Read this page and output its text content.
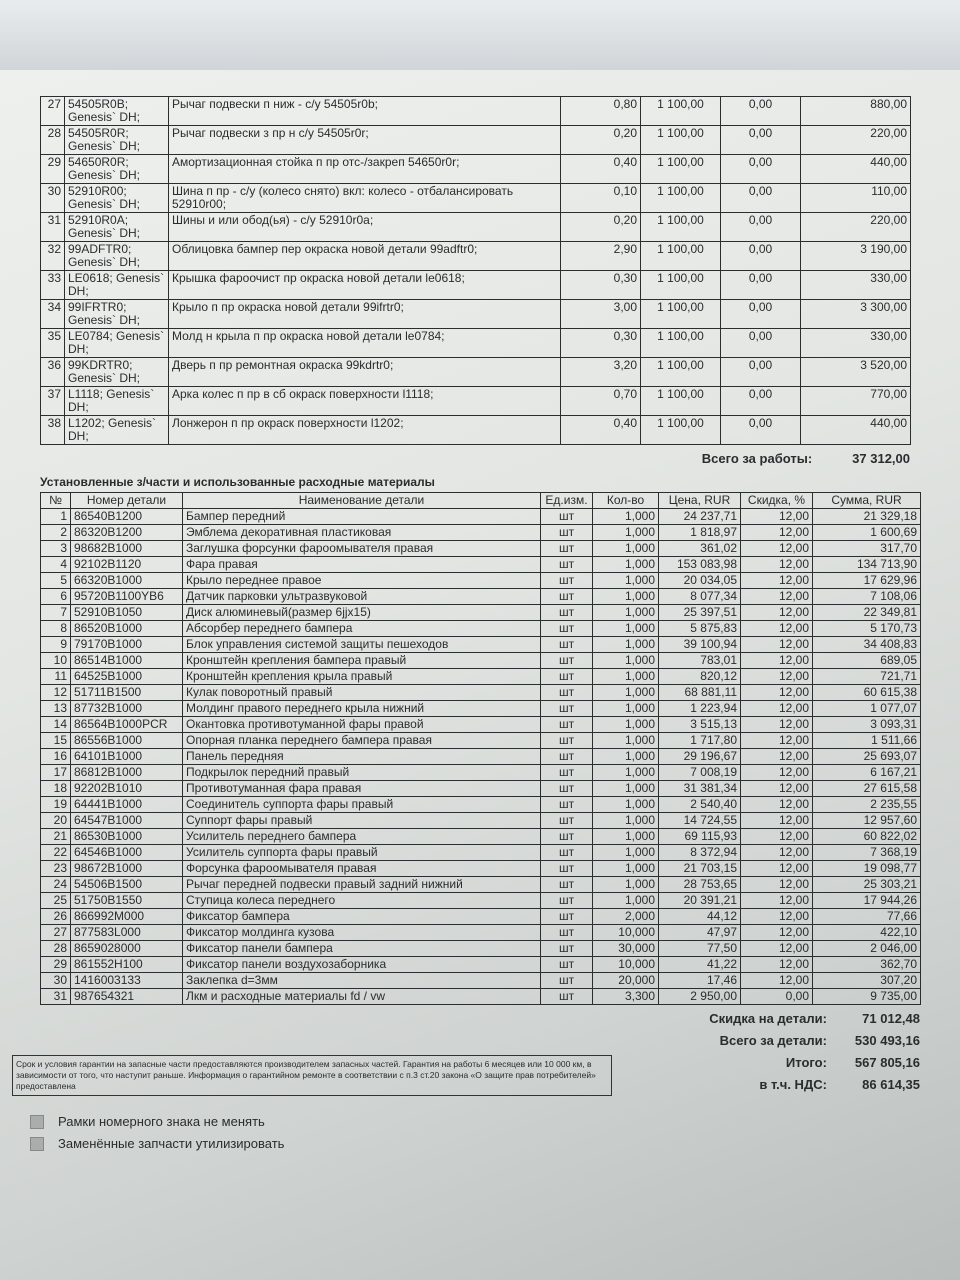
27	54505R0B; Genesis` DH;	Рычаг подвески п ниж - с/у 54505r0b;	0,80	1 100,00	0,00	880,00
28	54505R0R; Genesis` DH;	Рычаг подвески з пр н с/у 54505r0r;	0,20	1 100,00	0,00	220,00
29	54650R0R; Genesis` DH;	Амортизационная стойка п пр отс-/закреп 54650r0r;	0,40	1 100,00	0,00	440,00
30	52910R00; Genesis` DH;	Шина п пр - с/у (колесо снято) вкл: колесо - отбалансировать 52910r00;	0,10	1 100,00	0,00	110,00
31	52910R0A; Genesis` DH;	Шины и или обод(ья) - с/у 52910r0a;	0,20	1 100,00	0,00	220,00
32	99ADFTR0; Genesis` DH;	Облицовка бампер пер окраска новой детали 99adftr0;	2,90	1 100,00	0,00	3 190,00
33	LE0618; Genesis` DH;	Крышка фароочист пр окраска новой детали le0618;	0,30	1 100,00	0,00	330,00
34	99IFRTR0; Genesis` DH;	Крыло п пр окраска новой детали 99ifrtr0;	3,00	1 100,00	0,00	3 300,00
35	LE0784; Genesis` DH;	Молд н крыла п пр окраска новой детали le0784;	0,30	1 100,00	0,00	330,00
36	99KDRTR0; Genesis` DH;	Дверь п пр ремонтная окраска 99kdrtr0;	3,20	1 100,00	0,00	3 520,00
37	L1118; Genesis` DH;	Арка колес п пр в сб окраск поверхности l1118;	0,70	1 100,00	0,00	770,00
38	L1202; Genesis` DH;	Лонжерон п пр окраск поверхности l1202;	0,40	1 100,00	0,00	440,00
Всего за работы:	37 312,00
Установленные з/части и использованные расходные материалы
№	Номер детали	Наименование детали	Ед.изм.	Кол-во	Цена, RUR	Скидка, %	Сумма, RUR
1	86540B1200	Бампер передний	шт	1,000	24 237,71	12,00	21 329,18
2	86320B1200	Эмблема декоративная пластиковая	шт	1,000	1 818,97	12,00	1 600,69
3	98682B1000	Заглушка форсунки фароомывателя правая	шт	1,000	361,02	12,00	317,70
4	92102B1120	Фара правая	шт	1,000	153 083,98	12,00	134 713,90
5	66320B1000	Крыло переднее правое	шт	1,000	20 034,05	12,00	17 629,96
6	95720B1100YB6	Датчик парковки ультразвуковой	шт	1,000	8 077,34	12,00	7 108,06
7	52910B1050	Диск алюминевый(размер 6jjx15)	шт	1,000	25 397,51	12,00	22 349,81
8	86520B1000	Абсорбер переднего бампера	шт	1,000	5 875,83	12,00	5 170,73
9	79170B1000	Блок управления системой защиты пешеходов	шт	1,000	39 100,94	12,00	34 408,83
10	86514B1000	Кронштейн крепления бампера правый	шт	1,000	783,01	12,00	689,05
11	64525B1000	Кронштейн крепления крыла правый	шт	1,000	820,12	12,00	721,71
12	51711B1500	Кулак поворотный правый	шт	1,000	68 881,11	12,00	60 615,38
13	87732B1000	Молдинг правого переднего крыла нижний	шт	1,000	1 223,94	12,00	1 077,07
14	86564B1000PCR	Окантовка противотуманной фары правой	шт	1,000	3 515,13	12,00	3 093,31
15	86556B1000	Опорная планка переднего бампера правая	шт	1,000	1 717,80	12,00	1 511,66
16	64101B1000	Панель передняя	шт	1,000	29 196,67	12,00	25 693,07
17	86812B1000	Подкрылок передний правый	шт	1,000	7 008,19	12,00	6 167,21
18	92202B1010	Противотуманная фара правая	шт	1,000	31 381,34	12,00	27 615,58
19	64441B1000	Соединитель суппорта фары правый	шт	1,000	2 540,40	12,00	2 235,55
20	64547B1000	Суппорт фары правый	шт	1,000	14 724,55	12,00	12 957,60
21	86530B1000	Усилитель переднего бампера	шт	1,000	69 115,93	12,00	60 822,02
22	64546B1000	Усилитель суппорта фары правый	шт	1,000	8 372,94	12,00	7 368,19
23	98672B1000	Форсунка фароомывателя правая	шт	1,000	21 703,15	12,00	19 098,77
24	54506B1500	Рычаг передней подвески правый задний нижний	шт	1,000	28 753,65	12,00	25 303,21
25	51750B1550	Ступица колеса переднего	шт	1,000	20 391,21	12,00	17 944,26
26	866992M000	Фиксатор бампера	шт	2,000	44,12	12,00	77,66
27	877583L000	Фиксатор молдинга кузова	шт	10,000	47,97	12,00	422,10
28	8659028000	Фиксатор панели бампера	шт	30,000	77,50	12,00	2 046,00
29	861552H100	Фиксатор панели воздухозаборника	шт	10,000	41,22	12,00	362,70
30	1416003133	Заклепка d=3мм	шт	20,000	17,46	12,00	307,20
31	987654321	Лкм и расходные материалы fd / vw	шт	3,300	2 950,00	0,00	9 735,00
Срок и условия гарантии на запасные части предоставляются производителем запасных частей. Гарантия на работы 6 месяцев или 10 000 км, в зависимости от того, что наступит раньше. Информация о гарантийном ремонте в соответствии с п.3 ст.20 закона «О защите прав потребителей» предоставлена
Скидка на детали:	71 012,48
Всего за детали: 530 493,16
Итого: 567 805,16
в т.ч. НДС:	86 614,35
Рамки номерного знака не менять
Заменённые запчасти утилизировать
